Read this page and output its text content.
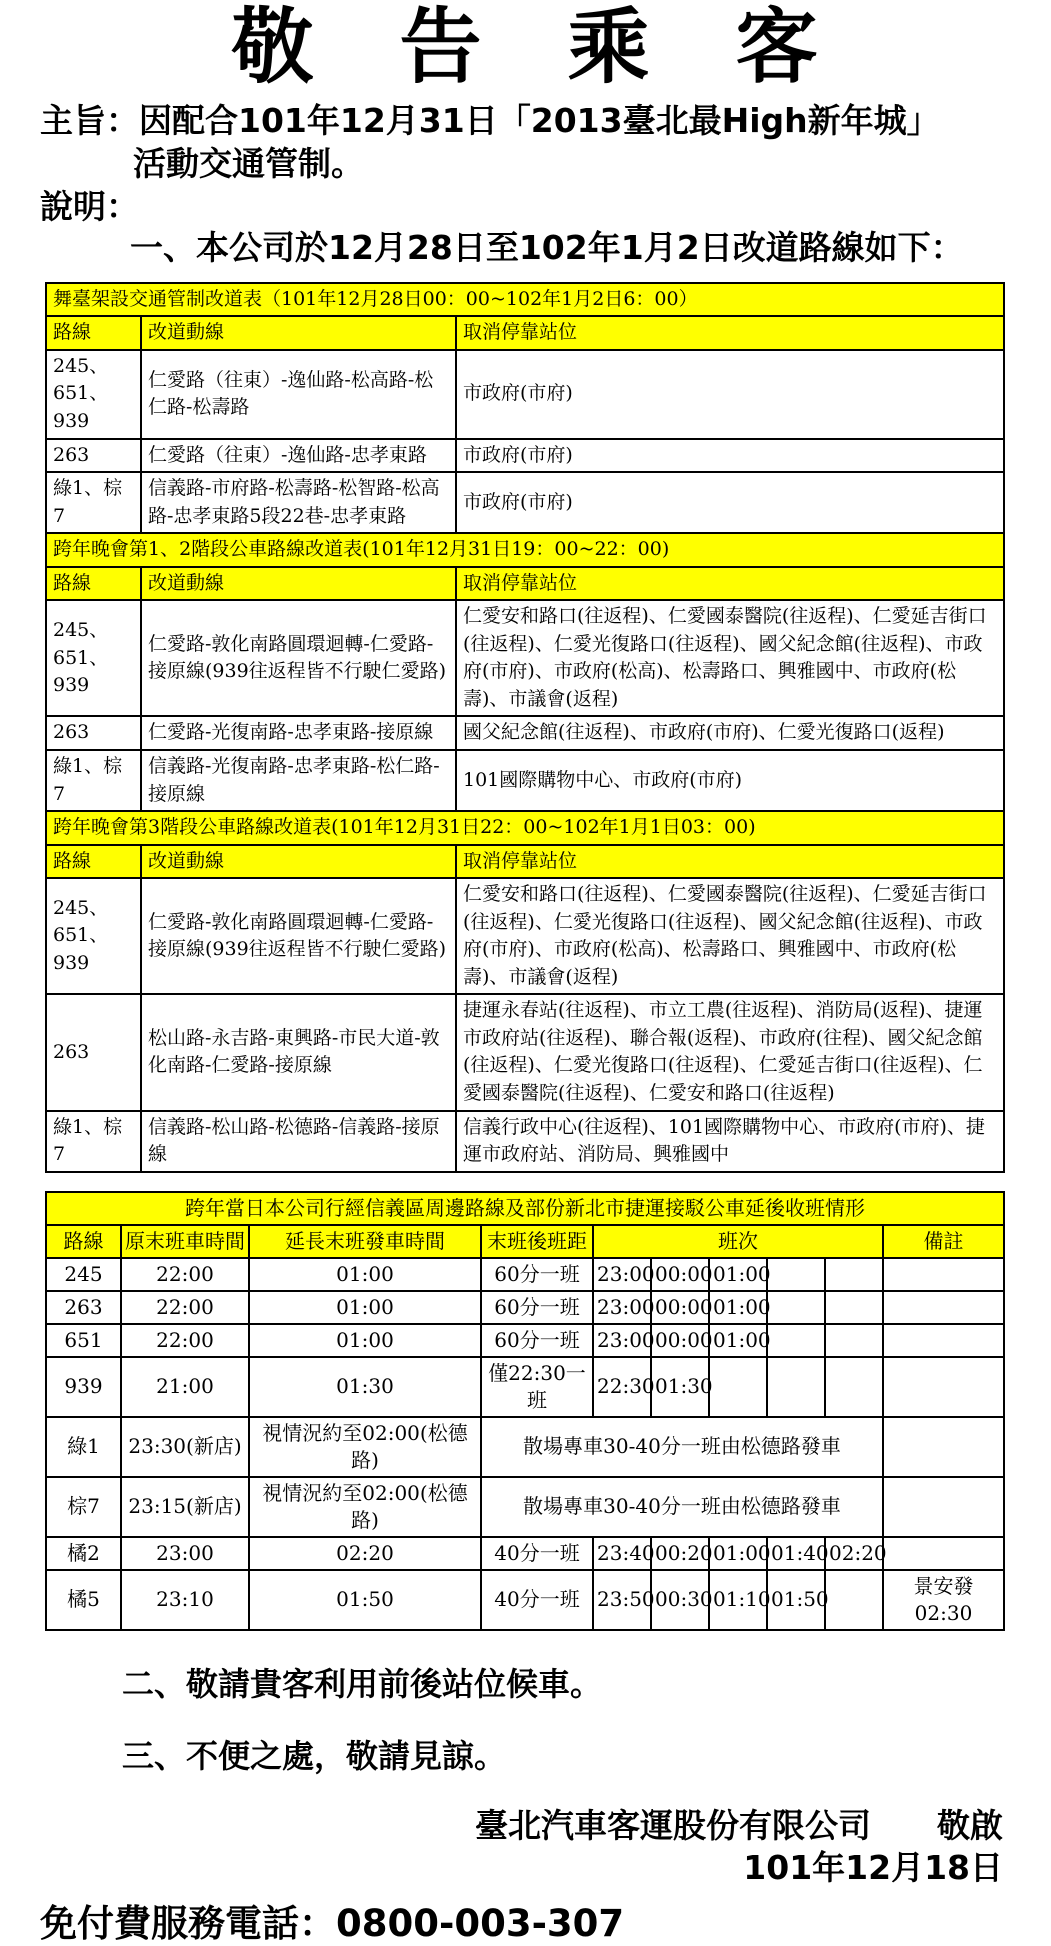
敬　告　乘　客
主旨：因配合101年12月31日「2013臺北最High新年城」
活動交通管制。
說明：
一、本公司於12月28日至102年1月2日改道路線如下：
舞臺架設交通管制改道表（101年12月28日00：00~102年1月2日6：00）		
路線	改道動線	取消停靠站位
245、651、939	仁愛路（往東）-逸仙路-松高路-松仁路-松壽路	市政府(市府)
263	仁愛路（往東）-逸仙路-忠孝東路	市政府(市府)
綠1、棕7	信義路-市府路-松壽路-松智路-松高路-忠孝東路5段22巷-忠孝東路	市政府(市府)
跨年晚會第1、2階段公車路線改道表(101年12月31日19：00~22：00)		
路線	改道動線	取消停靠站位
245、651、939	仁愛路-敦化南路圓環迴轉-仁愛路-接原線(939往返程皆不行駛仁愛路)	仁愛安和路口(往返程)、仁愛國泰醫院(往返程)、仁愛延吉街口(往返程)、仁愛光復路口(往返程)、國父紀念館(往返程)、市政府(市府)、市政府(松高)、松壽路口、興雅國中、市政府(松壽)、市議會(返程)
263	仁愛路-光復南路-忠孝東路-接原線	國父紀念館(往返程)、市政府(市府)、仁愛光復路口(返程)
綠1、棕7	信義路-光復南路-忠孝東路-松仁路-接原線	101國際購物中心、市政府(市府)
跨年晚會第3階段公車路線改道表(101年12月31日22：00~102年1月1日03：00)		
路線	改道動線	取消停靠站位
245、651、939	仁愛路-敦化南路圓環迴轉-仁愛路-接原線(939往返程皆不行駛仁愛路)	仁愛安和路口(往返程)、仁愛國泰醫院(往返程)、仁愛延吉街口(往返程)、仁愛光復路口(往返程)、國父紀念館(往返程)、市政府(市府)、市政府(松高)、松壽路口、興雅國中、市政府(松壽)、市議會(返程)
263	松山路-永吉路-東興路-市民大道-敦化南路-仁愛路-接原線	捷運永春站(往返程)、市立工農(往返程)、消防局(返程)、捷運市政府站(往返程)、聯合報(返程)、市政府(往程)、國父紀念館(往返程)、仁愛光復路口(往返程)、仁愛延吉街口(往返程)、仁愛國泰醫院(往返程)、仁愛安和路口(往返程)
綠1、棕7	信義路-松山路-松德路-信義路-接原線	信義行政中心(往返程)、101國際購物中心、市政府(市府)、捷運市政府站、消防局、興雅國中
跨年當日本公司行經信義區周邊路線及部份新北市捷運接駁公車延後收班情形									
路線	原末班車時間	延長末班發車時間	末班後班距	班次					備註
245	22:00	01:00	60分一班	23:00	00:00	01:00			
263	22:00	01:00	60分一班	23:00	00:00	01:00			
651	22:00	01:00	60分一班	23:00	00:00	01:00			
939	21:00	01:30	僅22:30一班	22:30	01:30				
綠1	23:30(新店)	視情況約至02:00(松德路)	散場專車30-40分一班由松德路發車						
棕7	23:15(新店)	視情況約至02:00(松德路)	散場專車30-40分一班由松德路發車						
橘2	23:00	02:20	40分一班	23:40	00:20	01:00	01:40	02:20	
橘5	23:10	01:50	40分一班	23:50	00:30	01:10	01:50		景安發02:30
二、敬請貴客利用前後站位候車。
三、不便之處，敬請見諒。
臺北汽車客運股份有限公司　　敬啟
101年12月18日
免付費服務電話：0800-003-307
